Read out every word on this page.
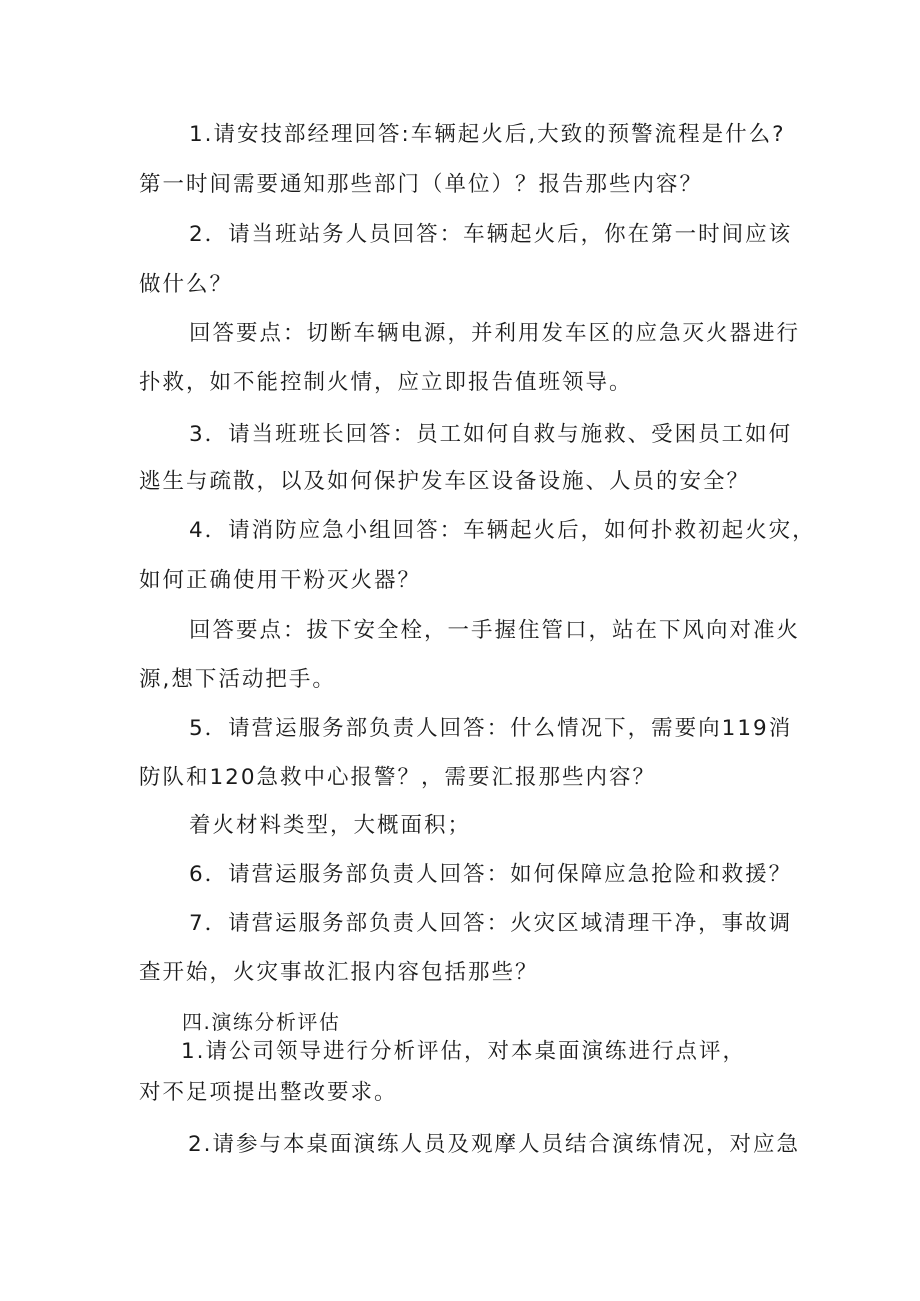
1.请安技部经理回答:车辆起火后,大致的预警流程是什么?

第一时间需要通知那些部门（单位）？报告那些内容？

2．请当班站务人员回答：车辆起火后，你在第一时间应该

做什么？

回答要点：切断车辆电源，并利用发车区的应急灭火器进行

扑救，如不能控制火情，应立即报告值班领导。

3．请当班班长回答：员工如何自救与施救、受困员工如何

逃生与疏散，以及如何保护发车区设备设施、人员的安全？

4．请消防应急小组回答：车辆起火后，如何扑救初起火灾，

如何正确使用干粉灭火器？

回答要点：拔下安全栓，一手握住管口，站在下风向对准火

源,想下活动把手。

5．请营运服务部负责人回答：什么情况下，需要向119消

防队和120急救中心报警？，需要汇报那些内容？

着火材料类型，大概面积；

6．请营运服务部负责人回答：如何保障应急抢险和救援？

7．请营运服务部负责人回答：火灾区域清理干净，事故调

查开始，火灾事故汇报内容包括那些？

四.演练分析评估

1.请公司领导进行分析评估，对本桌面演练进行点评，

对不足项提出整改要求。

2.请参与本桌面演练人员及观摩人员结合演练情况，对应急
